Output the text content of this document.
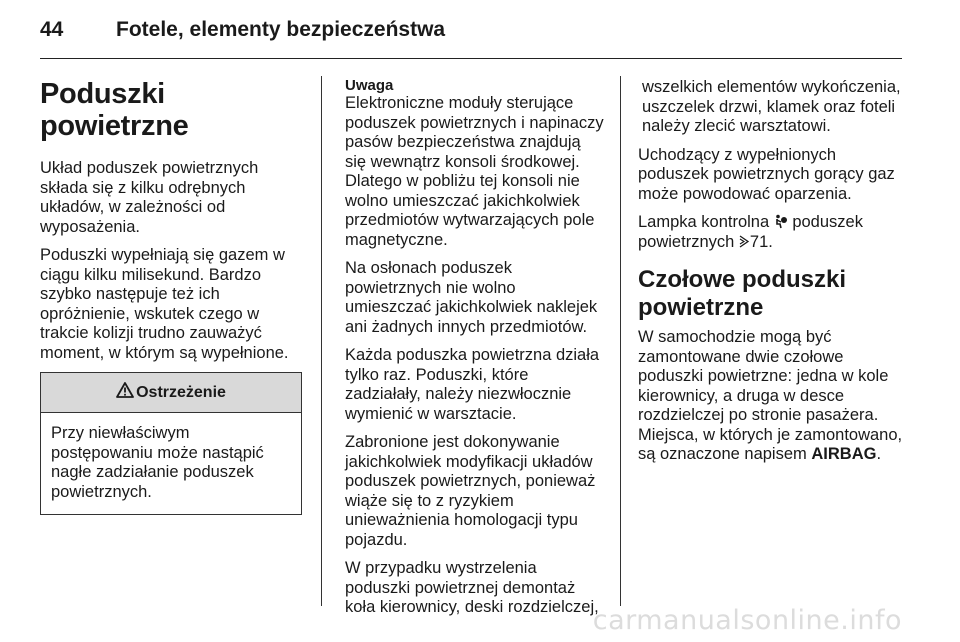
44	Fotele, elementy bezpieczeństwa
Poduszki powietrzne

Układ poduszek powietrznych składa się z kilku odrębnych układów, w zależności od wyposażenia.

Poduszki wypełniają się gazem w ciągu kilku milisekund. Bardzo szybko następuje też ich opróżnienie, wskutek czego w trakcie kolizji trudno zauważyć moment, w którym są wypełnione.

Ostrzeżenie
Przy niewłaściwym postępowaniu może nastąpić nagłe zadziałanie poduszek powietrznych.
Uwaga

Elektroniczne moduły sterujące poduszek powietrznych i napinaczy pasów bezpieczeństwa znajdują się wewnątrz konsoli środkowej. Dlatego w pobliżu tej konsoli nie wolno umieszczać jakichkolwiek przedmiotów wytwarzających pole magnetyczne.

Na osłonach poduszek powietrznych nie wolno umieszczać jakichkolwiek naklejek ani żadnych innych przedmiotów.

Każda poduszka powietrzna działa tylko raz. Poduszki, które zadziałały, należy niezwłocznie wymienić w warsztacie.

Zabronione jest dokonywanie jakichkolwiek modyfikacji układów poduszek powietrznych, ponieważ wiąże się to z ryzykiem unieważnienia homologacji typu pojazdu.

W przypadku wystrzelenia poduszki powietrznej demontaż koła kierownicy, deski rozdzielczej,

wszelkich elementów wykończenia, uszczelek drzwi, klamek oraz foteli należy zlecić warsztatowi.

Uchodzący z wypełnionych poduszek powietrznych gorący gaz może powodować oparzenia.

Lampka kontrolna  poduszek powietrznych 71.

Czołowe poduszki powietrzne

W samochodzie mogą być zamontowane dwie czołowe poduszki powietrzne: jedna w kole kierownicy, a druga w desce rozdzielczej po stronie pasażera. Miejsca, w których je zamontowano, są oznaczone napisem AIRBAG.

carmanualsonline.info
